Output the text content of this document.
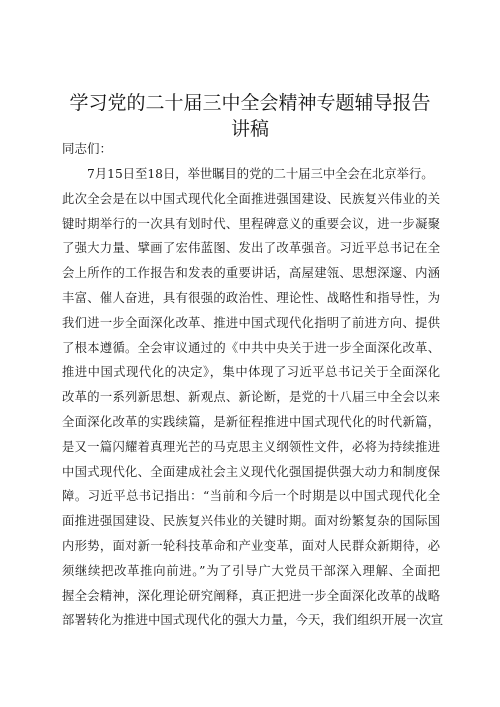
学习党的二十届三中全会精神专题辅导报告
讲稿
同志们：
7月15日至18日，举世瞩目的党的二十届三中全会在北京举行。
此次全会是在以中国式现代化全面推进强国建设、民族复兴伟业的关
键时期举行的一次具有划时代、里程碑意义的重要会议，进一步凝聚
了强大力量、擘画了宏伟蓝图、发出了改革强音。习近平总书记在全
会上所作的工作报告和发表的重要讲话，高屋建瓴、思想深邃、内涵
丰富、催人奋进，具有很强的政治性、理论性、战略性和指导性，为
我们进一步全面深化改革、推进中国式现代化指明了前进方向、提供
了根本遵循。全会审议通过的《中共中央关于进一步全面深化改革、
推进中国式现代化的决定》，集中体现了习近平总书记关于全面深化
改革的一系列新思想、新观点、新论断，是党的十八届三中全会以来
全面深化改革的实践续篇，是新征程推进中国式现代化的时代新篇，
是又一篇闪耀着真理光芒的马克思主义纲领性文件，必将为持续推进
中国式现代化、全面建成社会主义现代化强国提供强大动力和制度保
障。习近平总书记指出：“当前和今后一个时期是以中国式现代化全
面推进强国建设、民族复兴伟业的关键时期。面对纷繁复杂的国际国
内形势，面对新一轮科技革命和产业变革，面对人民群众新期待，必
须继续把改革推向前进。”为了引导广大党员干部深入理解、全面把
握全会精神，深化理论研究阐释，真正把进一步全面深化改革的战略
部署转化为推进中国式现代化的强大力量，今天，我们组织开展一次宣
